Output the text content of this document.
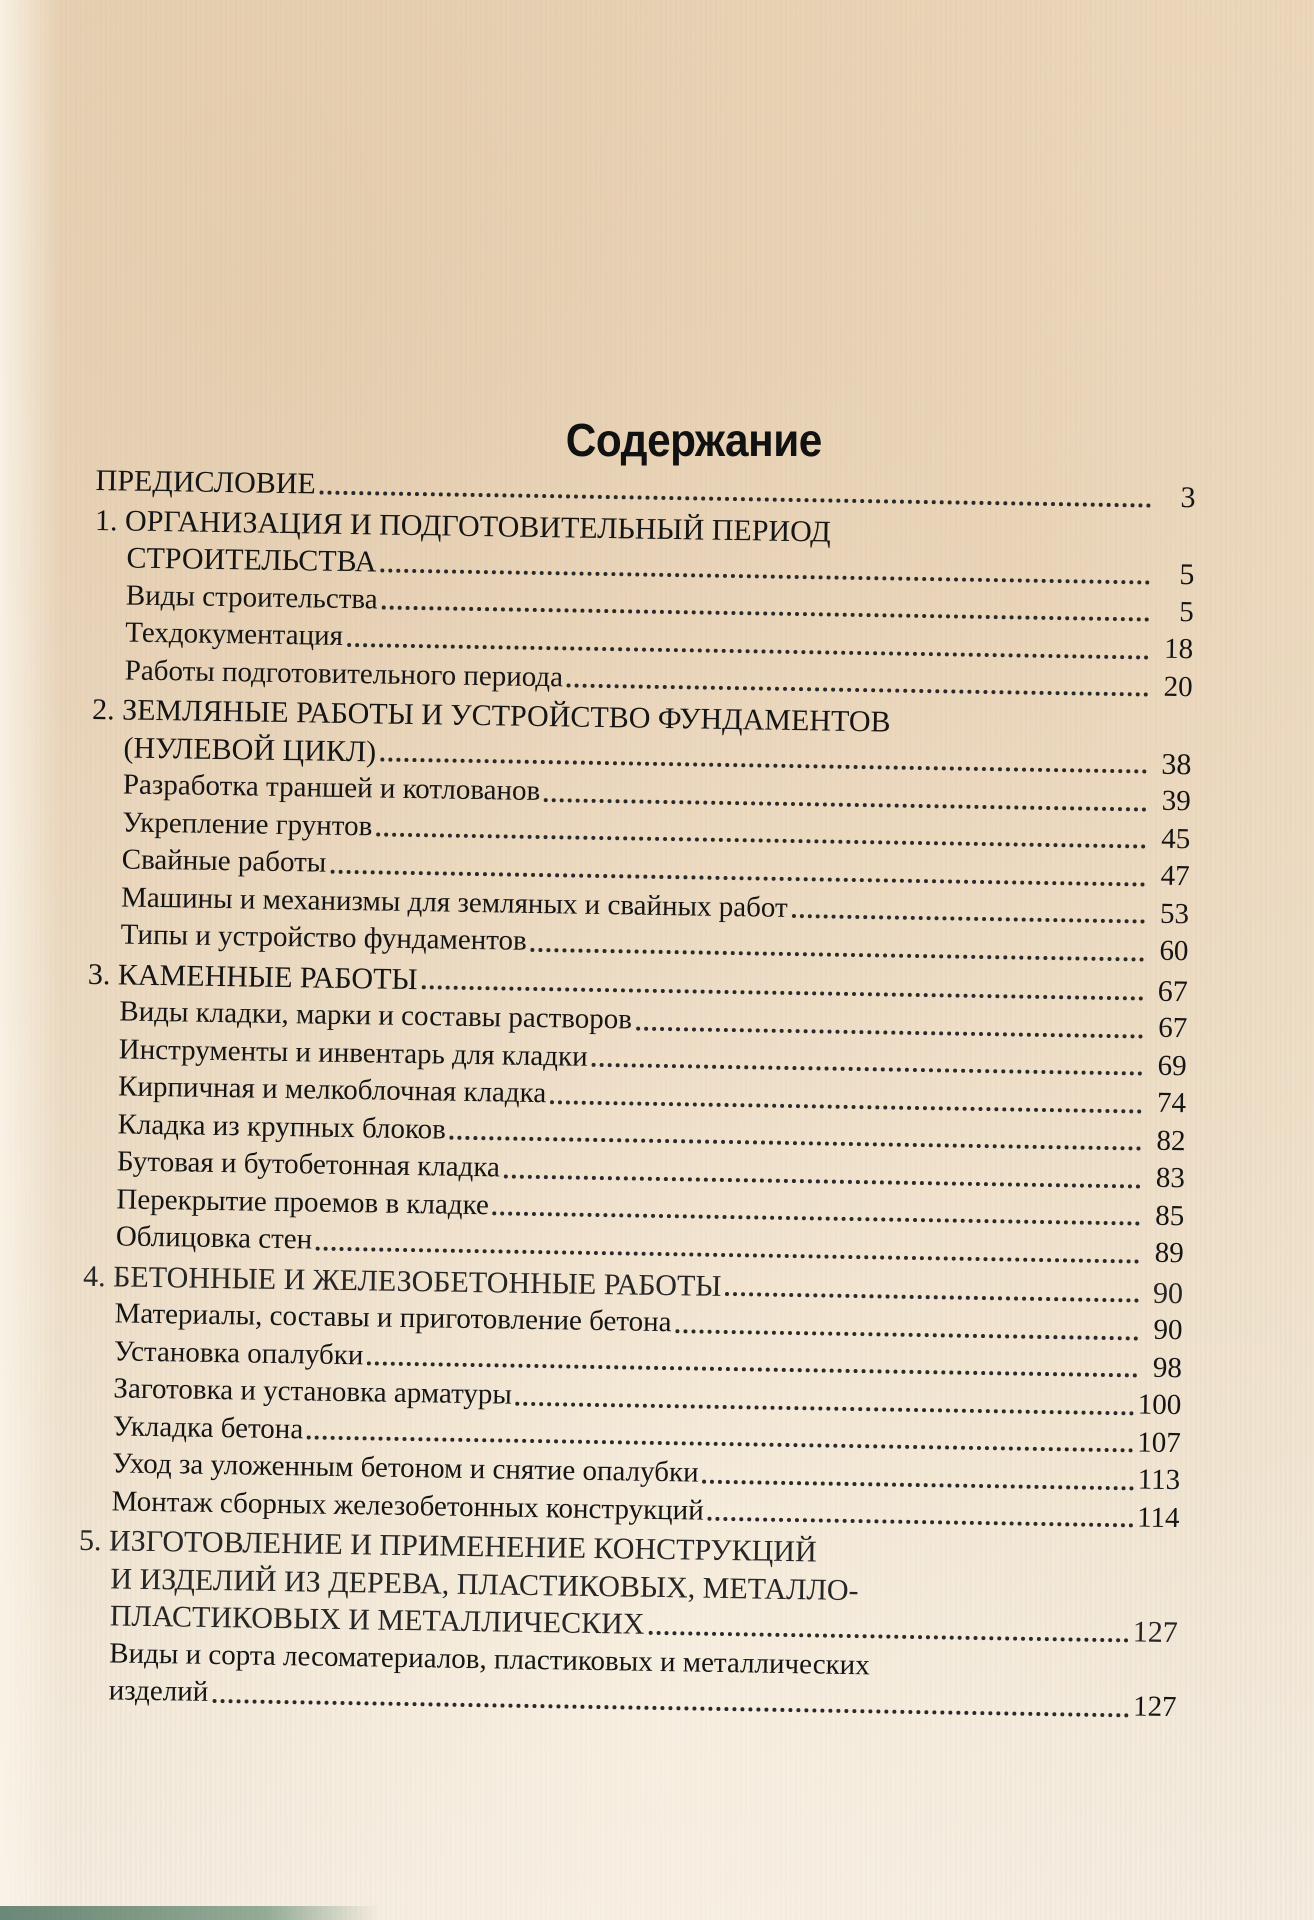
Содержание
ПРЕДИСЛОВИЕ	3
1. ОРГАНИЗАЦИЯ И ПОДГОТОВИТЕЛЬНЫЙ ПЕРИОД
СТРОИТЕЛЬСТВА	5
Виды строительства	5
Техдокументация	18
Работы подготовительного периода	20
2. ЗЕМЛЯНЫЕ РАБОТЫ И УСТРОЙСТВО ФУНДАМЕНТОВ
(НУЛЕВОЙ ЦИКЛ)	38
Разработка траншей и котлованов	39
Укрепление грунтов	45
Свайные работы	47
Машины и механизмы для земляных и свайных работ	53
Типы и устройство фундаментов	60
3. КАМЕННЫЕ РАБОТЫ	67
Виды кладки, марки и составы растворов	67
Инструменты и инвентарь для кладки	69
Кирпичная и мелкоблочная кладка	74
Кладка из крупных блоков	82
Бутовая и бутобетонная кладка	83
Перекрытие проемов в кладке	85
Облицовка стен	89
4. БЕТОННЫЕ И ЖЕЛЕЗОБЕТОННЫЕ РАБОТЫ	90
Материалы, составы и приготовление бетона	90
Установка опалубки	98
Заготовка и установка арматуры	100
Укладка бетона	107
Уход за уложенным бетоном и снятие опалубки	113
Монтаж сборных железобетонных конструкций	114
5. ИЗГОТОВЛЕНИЕ И ПРИМЕНЕНИЕ КОНСТРУКЦИЙ
И ИЗДЕЛИЙ ИЗ ДЕРЕВА, ПЛАСТИКОВЫХ, МЕТАЛЛО-
ПЛАСТИКОВЫХ И МЕТАЛЛИЧЕСКИХ	127
Виды и сорта лесоматериалов, пластиковых и металлических
изделий	127
